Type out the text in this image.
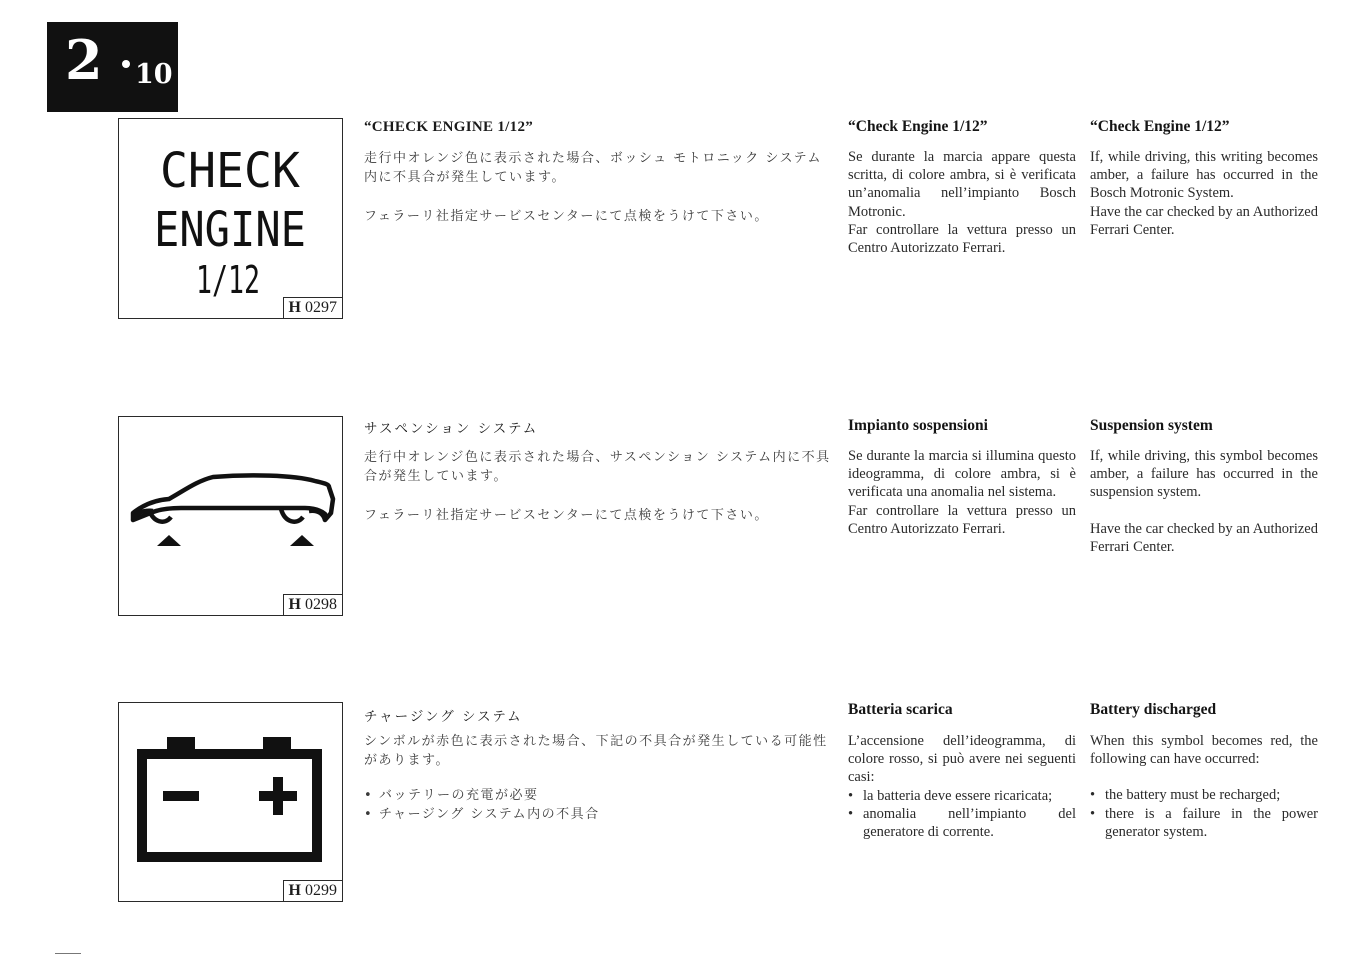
2 10
CHECK
ENGINE
1/12
H 0297
“CHECK ENGINE 1/12”

走行中オレンジ色に表示された場合、ボッシュ モトロニック システム内に不具合が発生しています。

フェラーリ社指定サービスセンターにて点検をうけて下さい。

“Check Engine 1/12”

Se durante la marcia appare questa scritta, di colore ambra, si è verificata un’anomalia nell’impianto Bosch Motronic.

Far controllare la vettura presso un Centro Autorizzato Ferrari.

“Check Engine 1/12”

If, while driving, this writing becomes amber, a failure has occurred in the Bosch Motronic System.

Have the car checked by an Authorized Ferrari Center.

H 0298
サスペンション システム

走行中オレンジ色に表示された場合、サスペンション システム内に不具合が発生しています。

フェラーリ社指定サービスセンターにて点検をうけて下さい。

Impianto sospensioni

Se durante la marcia si illumina questo ideogramma, di colore ambra, si è verificata una anomalia nel sistema.

Far controllare la vettura presso un Centro Autorizzato Ferrari.

Suspension system

If, while driving, this symbol becomes amber, a failure has occurred in the suspension system.

Have the car checked by an Authorized Ferrari Center.

H 0299
チャージング システム

シンボルが赤色に表示された場合、下記の不具合が発生している可能性があります。

• バッテリーの充電が必要
• チャージング システム内の不具合
Batteria scarica

L’accensione dell’ideogramma, di colore rosso, si può avere nei seguenti casi:

• la batteria deve essere ricaricata;
• anomalia nell’impianto del generatore di corrente.
Battery discharged

When this symbol becomes red, the following can have occurred:

• the battery must be recharged;
• there is a failure in the power generator system.
